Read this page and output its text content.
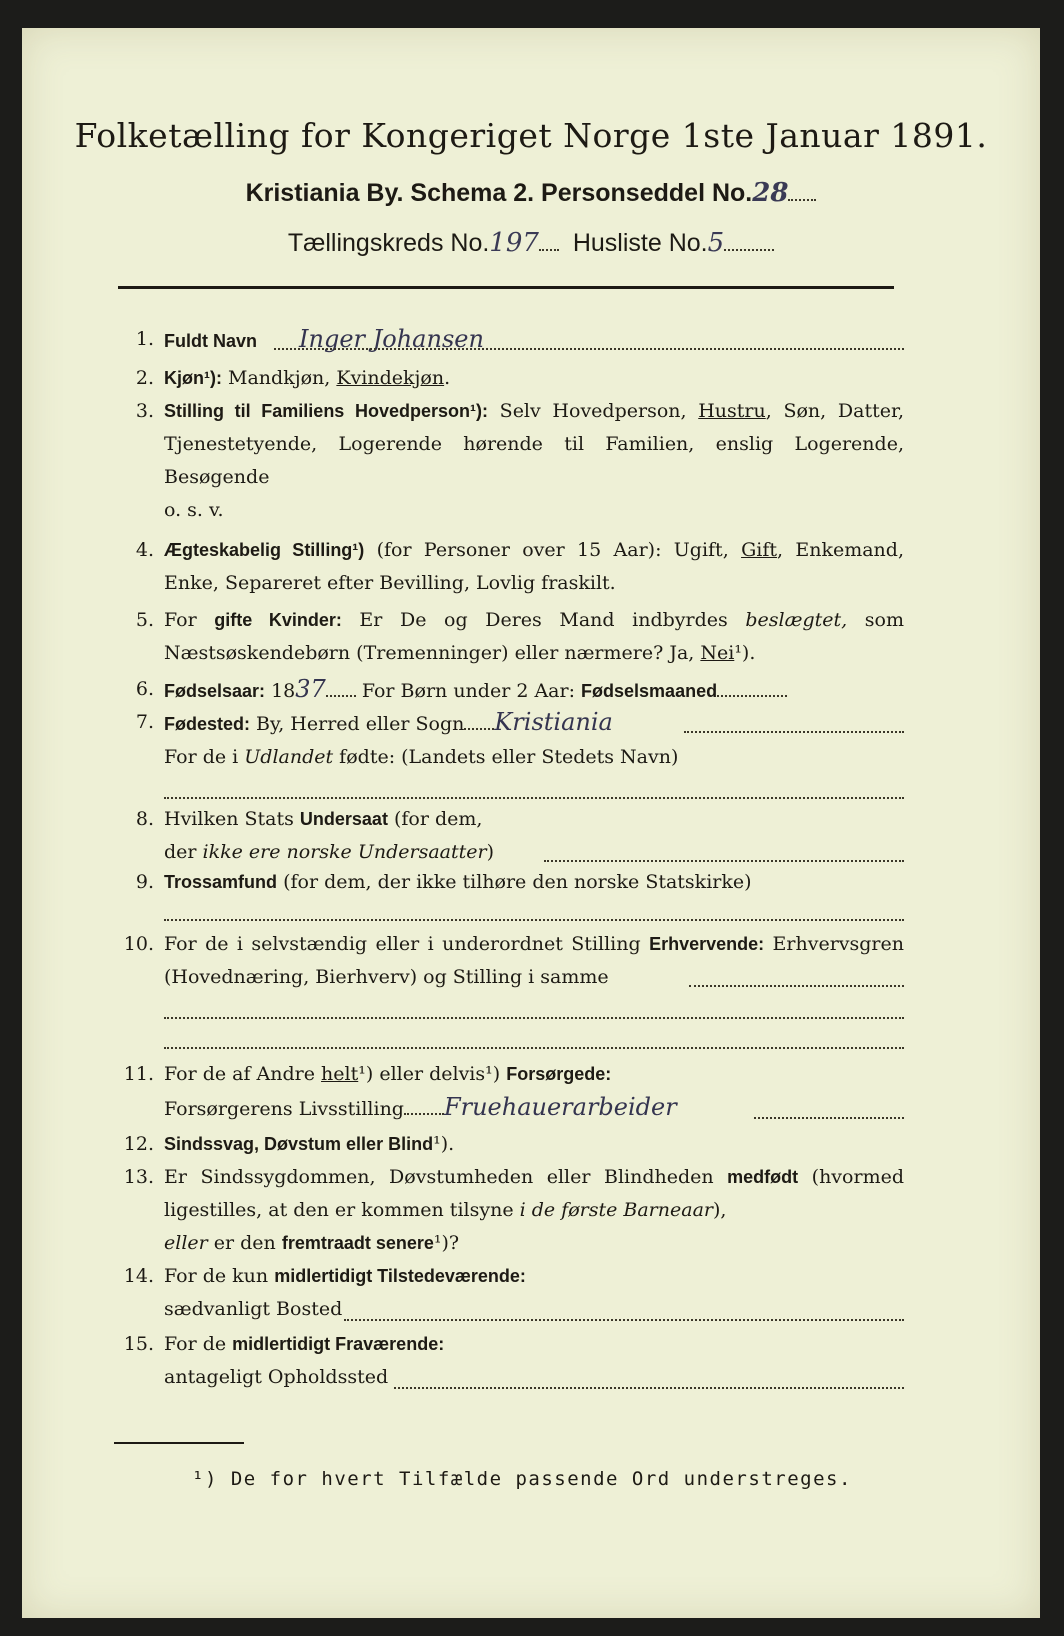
Folketælling for Kongeriget Norge 1ste Januar 1891.
Kristiania By. Schema 2. Personseddel No.28
Tællingskreds No.197 Husliste No.5
1. Fuldt Navn Inger Johansen
2. Kjøn¹): Mandkjøn, Kvindekjøn.
3. Stilling til Familiens Hovedperson¹): Selv Hovedperson, Hustru, Søn, Datter, Tjenestetyende, Logerende hørende til Familien, enslig Logerende, Besøgende
o. s. v.
4. Ægteskabelig Stilling¹) (for Personer over 15 Aar): Ugift, Gift, Enkemand, Enke, Separeret efter Bevilling, Lovlig fraskilt.
5. For gifte Kvinder: Er De og Deres Mand indbyrdes beslægtet, som Næstsøskendebørn (Tremenninger) eller nærmere? Ja, Nei¹).
6. Fødselsaar: 1837 For Børn under 2 Aar: Fødselsmaaned
7. Fødested: By, Herred eller Sogn Kristiania
For de i Udlandet fødte: (Landets eller Stedets Navn)
8. Hvilken Stats Undersaat (for dem,
der ikke ere norske Undersaatter)
9. Trossamfund (for dem, der ikke tilhøre den norske Statskirke)
10. For de i selvstændig eller i underordnet Stilling Erhvervende: Erhvervsgren (Hovednæring, Bierhverv) og Stilling i samme
11. For de af Andre helt¹) eller delvis¹) Forsørgede:
Forsørgerens Livsstilling Fruehauerarbeider
12. Sindssvag, Døvstum eller Blind¹).
13. Er Sindssygdommen, Døvstumheden eller Blindheden medfødt (hvormed ligestilles, at den er kommen tilsyne i de første Barneaar),
eller er den fremtraadt senere¹)?
14. For de kun midlertidigt Tilstedeværende:
sædvanligt Bosted
15. For de midlertidigt Fraværende:
antageligt Opholdssted
¹) De for hvert Tilfælde passende Ord understreges.
